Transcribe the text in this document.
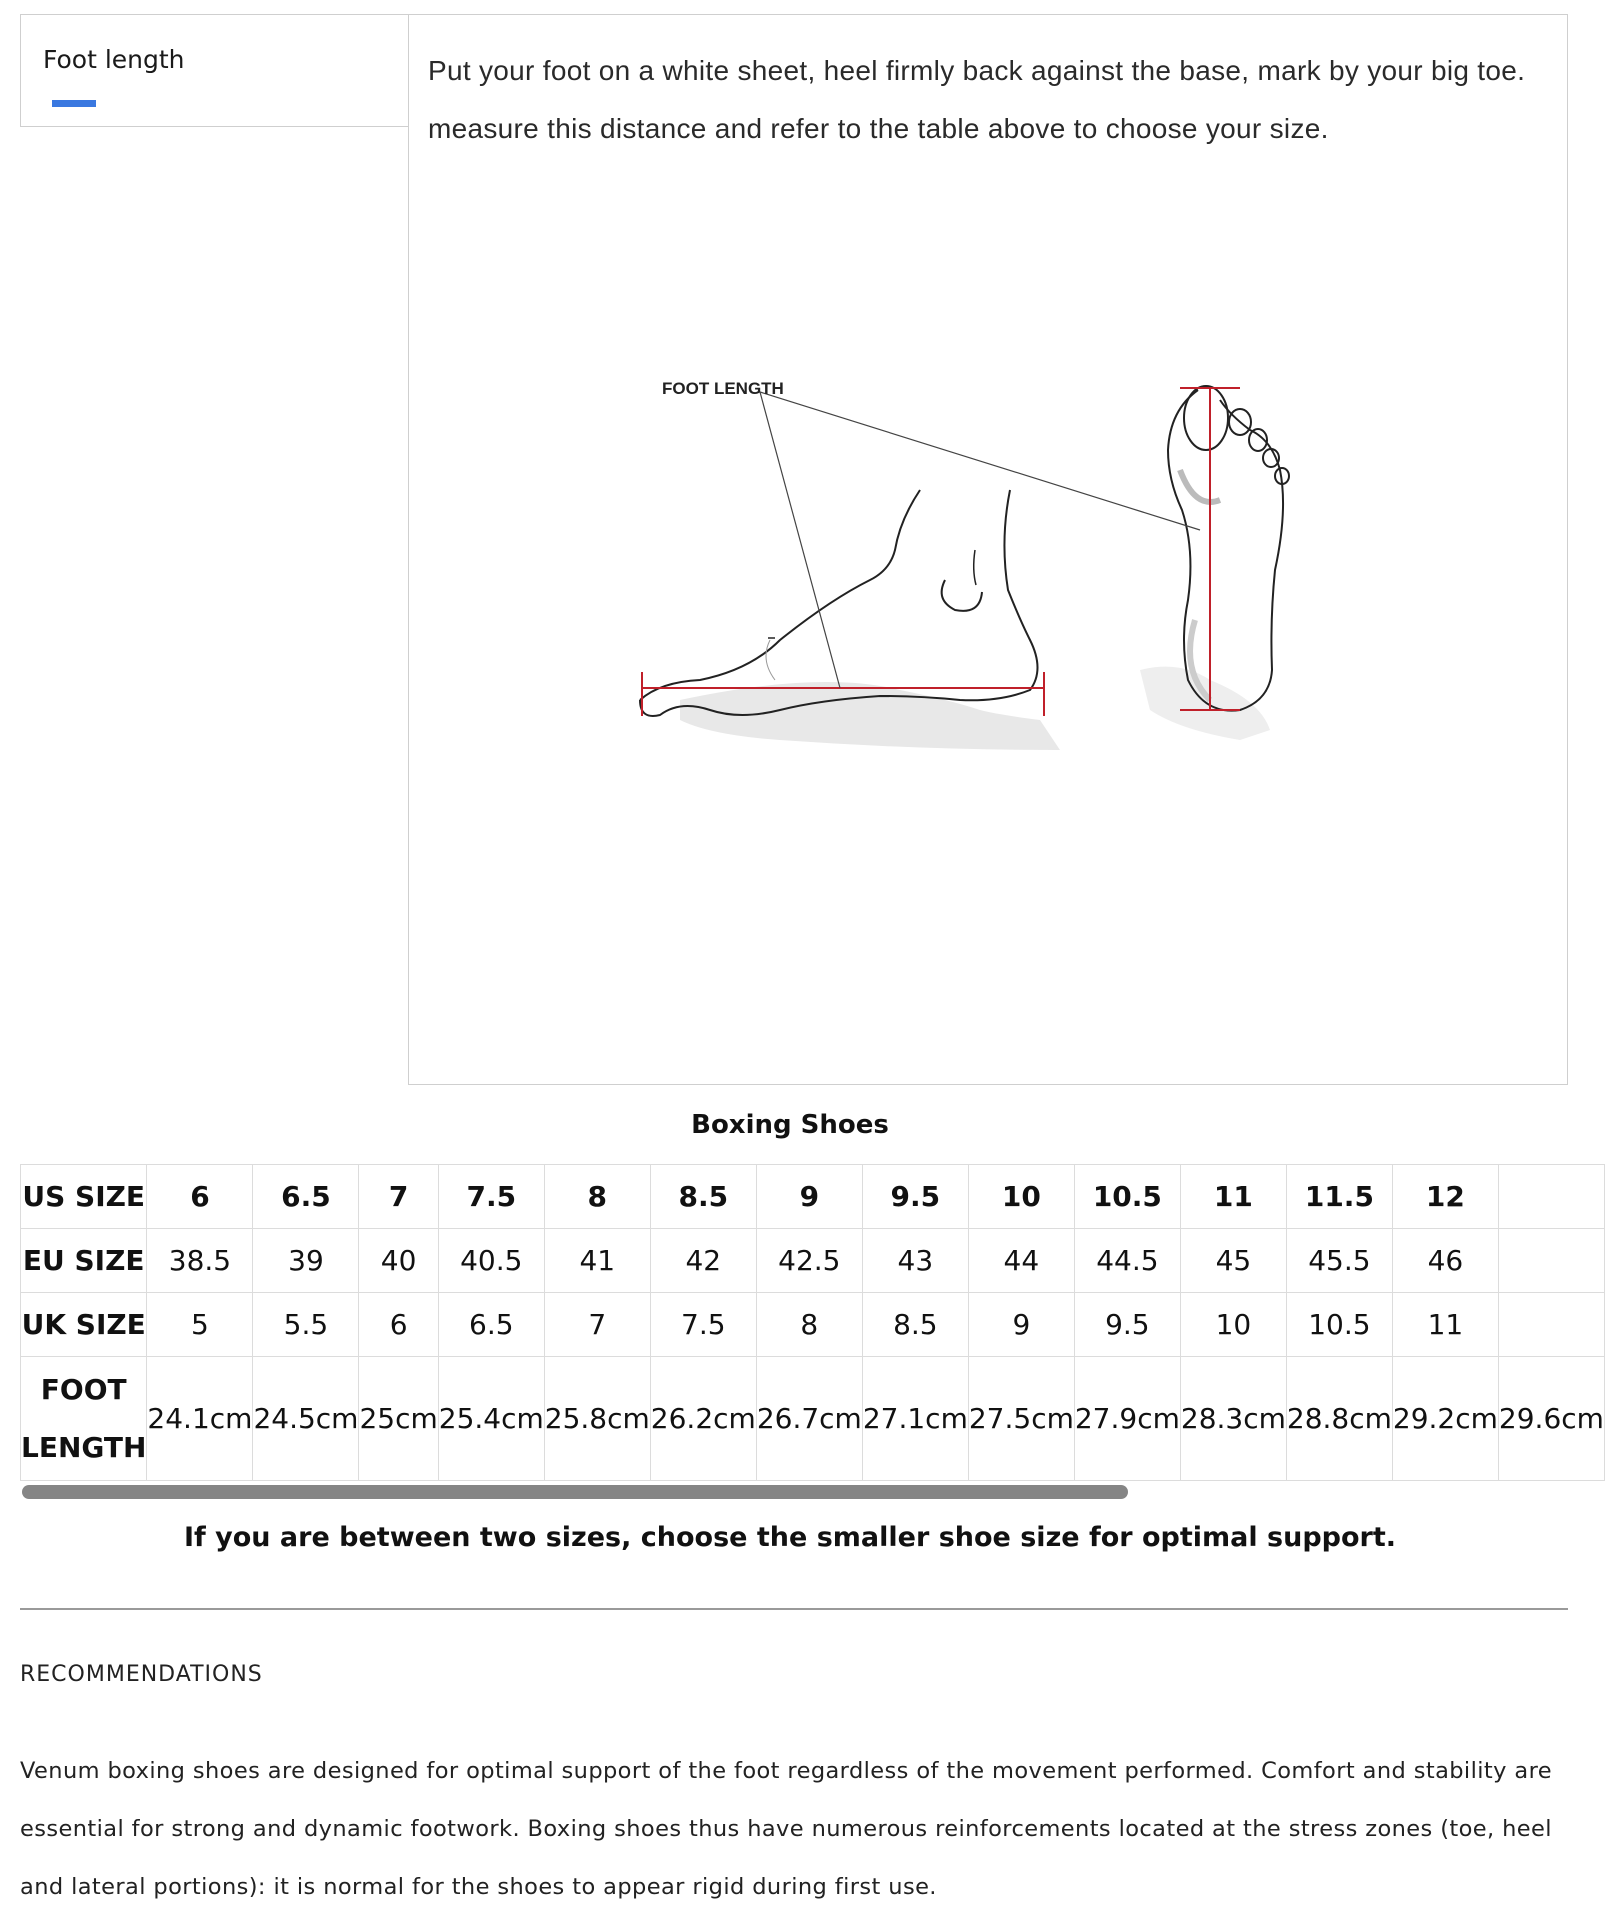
Foot length	Put your foot on a white sheet, heel firmly back against the base, mark by your big toe. measure this distance and refer to the table above to choose your size.
FOOT LENGTH
Boxing Shoes
US SIZE	6	6.5	7	7.5	8	8.5	9	9.5	10	10.5	11	11.5	12	
EU SIZE	38.5	39	40	40.5	41	42	42.5	43	44	44.5	45	45.5	46	
UK SIZE	5	5.5	6	6.5	7	7.5	8	8.5	9	9.5	10	10.5	11	
FOOT LENGTH	24.1cm	24.5cm	25cm	25.4cm	25.8cm	26.2cm	26.7cm	27.1cm	27.5cm	27.9cm	28.3cm	28.8cm	29.2cm	29.6cm
If you are between two sizes, choose the smaller shoe size for optimal support.
RECOMMENDATIONS
Venum boxing shoes are designed for optimal support of the foot regardless of the movement performed. Comfort and stability are essential for strong and dynamic footwork. Boxing shoes thus have numerous reinforcements located at the stress zones (toe, heel and lateral portions): it is normal for the shoes to appear rigid during first use.
